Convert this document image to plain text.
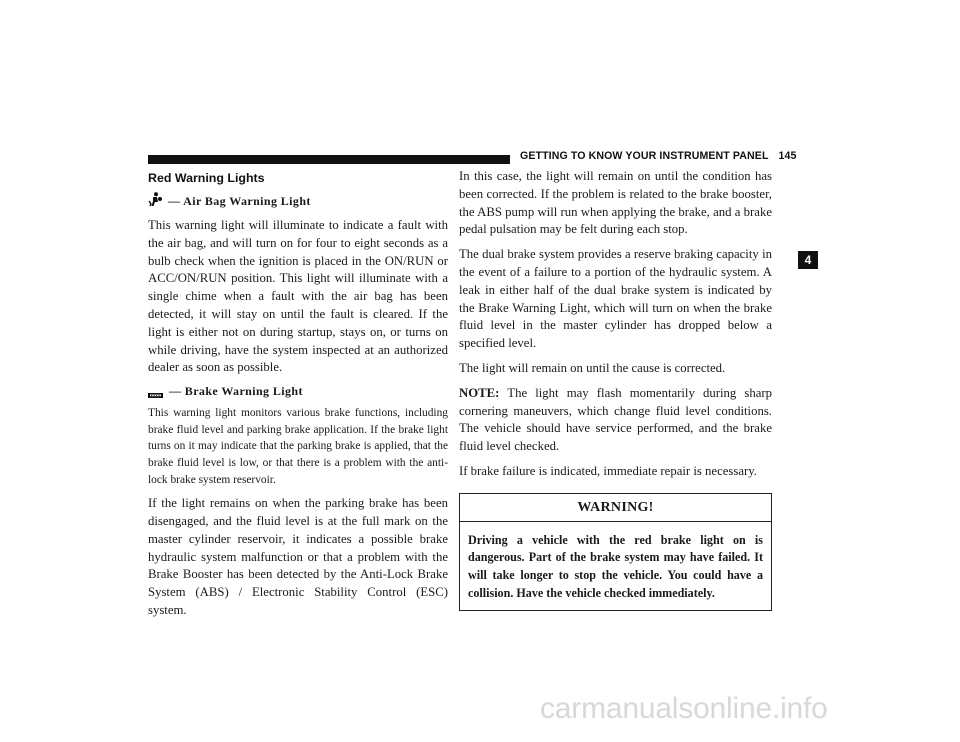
GETTING TO KNOW YOUR INSTRUMENT PANEL 145
4
Red Warning Lights
— Air Bag Warning Light

This warning light will illuminate to indicate a fault with the air bag, and will turn on for four to eight seconds as a bulb check when the ignition is placed in the ON/RUN or ACC/ON/RUN position. This light will illuminate with a single chime when a fault with the air bag has been detected, it will stay on until the fault is cleared. If the light is either not on during startup, stays on, or turns on while driving, have the system inspected at an authorized dealer as soon as possible.

— Brake Warning Light

This warning light monitors various brake functions, including brake fluid level and parking brake application. If the brake light turns on it may indicate that the parking brake is applied, that the brake fluid level is low, or that there is a problem with the anti-lock brake system reservoir.

If the light remains on when the parking brake has been disengaged, and the fluid level is at the full mark on the master cylinder reservoir, it indicates a possible brake hydraulic system malfunction or that a problem with the Brake Booster has been detected by the Anti-Lock Brake System (ABS) / Electronic Stability Control (ESC) system.

In this case, the light will remain on until the condition has been corrected. If the problem is related to the brake booster, the ABS pump will run when applying the brake, and a brake pedal pulsation may be felt during each stop.

The dual brake system provides a reserve braking capacity in the event of a failure to a portion of the hydraulic system. A leak in either half of the dual brake system is indicated by the Brake Warning Light, which will turn on when the brake fluid level in the master cylinder has dropped below a specified level.

The light will remain on until the cause is corrected.

NOTE: The light may flash momentarily during sharp cornering maneuvers, which change fluid level conditions. The vehicle should have service performed, and the brake fluid level checked.

If brake failure is indicated, immediate repair is necessary.

WARNING!
Driving a vehicle with the red brake light on is dangerous. Part of the brake system may have failed. It will take longer to stop the vehicle. You could have a collision. Have the vehicle checked immediately.
carmanualsonline.info
